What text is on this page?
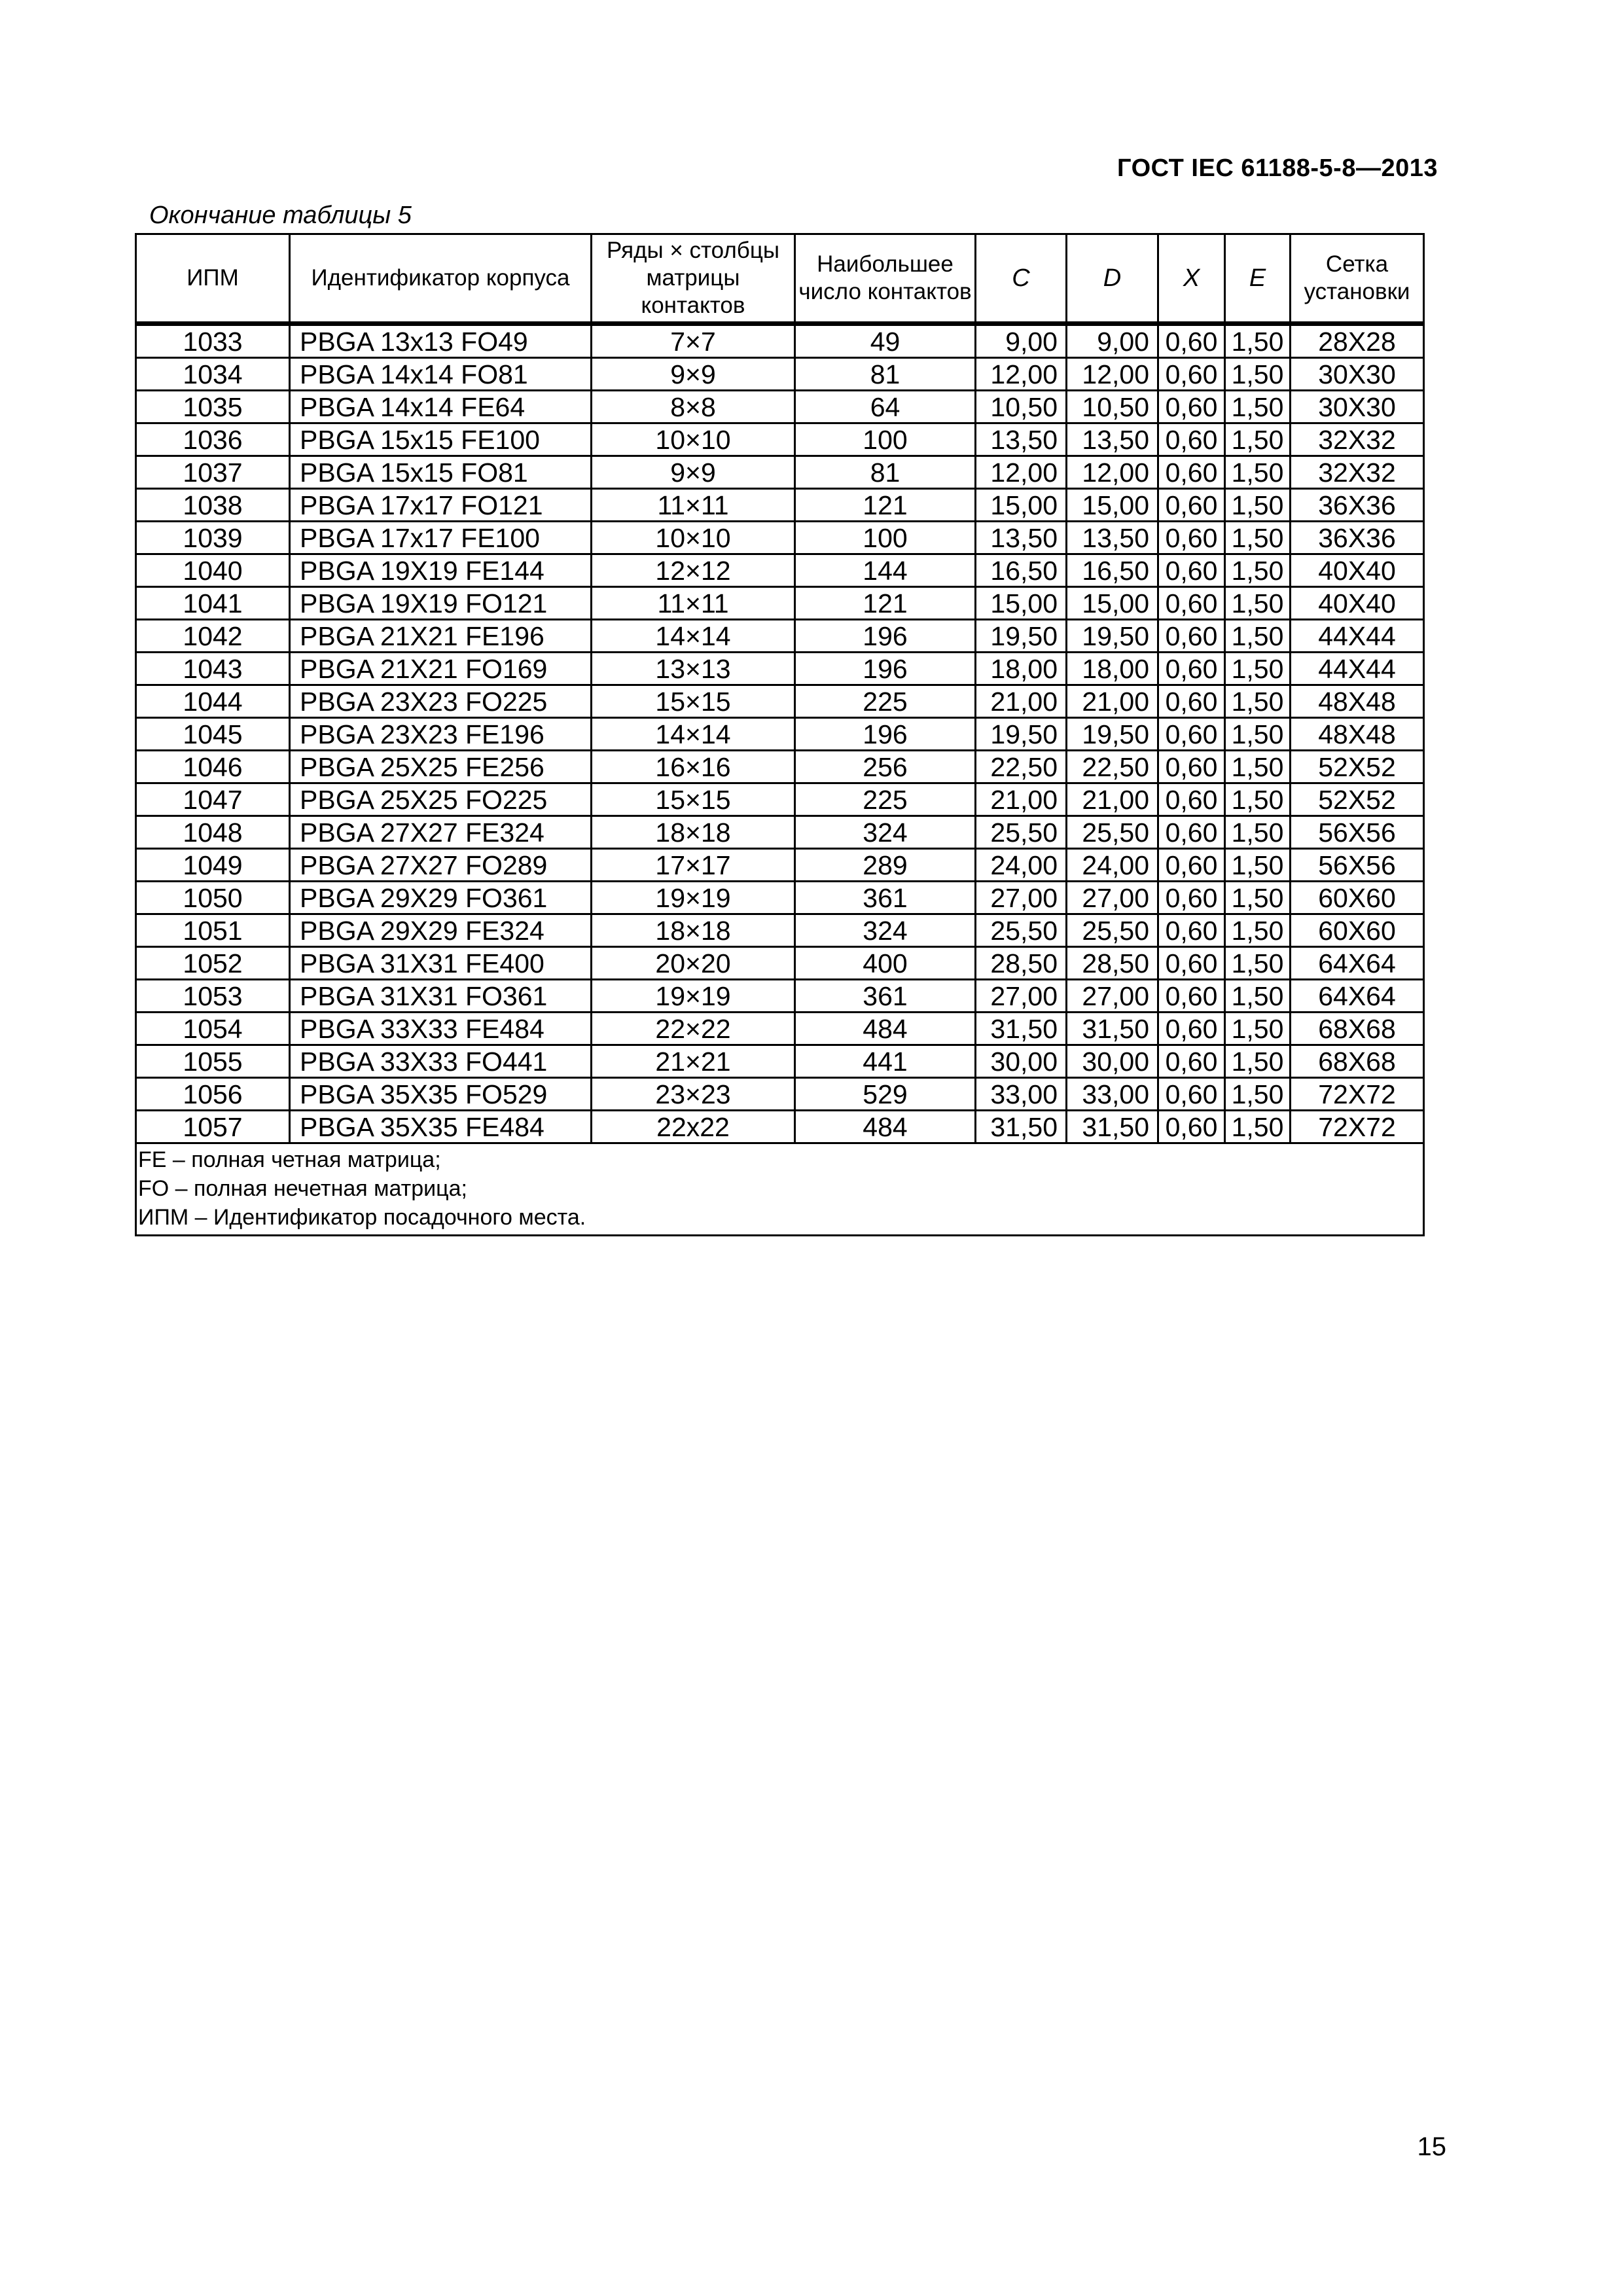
ГОСТ IEC 61188-5-8—2013
Окончание таблицы 5
ИПМ	Идентификатор корпуса	Ряды × столбцы матрицы контактов	Наибольшее число контактов	C	D	X	E	Сетка установки
1033	PBGA 13x13 FO49	7×7	49	9,00	9,00	0,60	1,50	28X28
1034	PBGA 14x14 FO81	9×9	81	12,00	12,00	0,60	1,50	30X30
1035	PBGA 14x14 FE64	8×8	64	10,50	10,50	0,60	1,50	30X30
1036	PBGA 15x15 FE100	10×10	100	13,50	13,50	0,60	1,50	32X32
1037	PBGA 15x15 FO81	9×9	81	12,00	12,00	0,60	1,50	32X32
1038	PBGA 17x17 FO121	11×11	121	15,00	15,00	0,60	1,50	36X36
1039	PBGA 17x17 FE100	10×10	100	13,50	13,50	0,60	1,50	36X36
1040	PBGA 19X19 FE144	12×12	144	16,50	16,50	0,60	1,50	40X40
1041	PBGA 19X19 FO121	11×11	121	15,00	15,00	0,60	1,50	40X40
1042	PBGA 21X21 FE196	14×14	196	19,50	19,50	0,60	1,50	44X44
1043	PBGA 21X21 FO169	13×13	196	18,00	18,00	0,60	1,50	44X44
1044	PBGA 23X23 FO225	15×15	225	21,00	21,00	0,60	1,50	48X48
1045	PBGA 23X23 FE196	14×14	196	19,50	19,50	0,60	1,50	48X48
1046	PBGA 25X25 FE256	16×16	256	22,50	22,50	0,60	1,50	52X52
1047	PBGA 25X25 FO225	15×15	225	21,00	21,00	0,60	1,50	52X52
1048	PBGA 27X27 FE324	18×18	324	25,50	25,50	0,60	1,50	56X56
1049	PBGA 27X27 FO289	17×17	289	24,00	24,00	0,60	1,50	56X56
1050	PBGA 29X29 FO361	19×19	361	27,00	27,00	0,60	1,50	60X60
1051	PBGA 29X29 FE324	18×18	324	25,50	25,50	0,60	1,50	60X60
1052	PBGA 31X31 FE400	20×20	400	28,50	28,50	0,60	1,50	64X64
1053	PBGA 31X31 FO361	19×19	361	27,00	27,00	0,60	1,50	64X64
1054	PBGA 33X33 FE484	22×22	484	31,50	31,50	0,60	1,50	68X68
1055	PBGA 33X33 FO441	21×21	441	30,00	30,00	0,60	1,50	68X68
1056	PBGA 35X35 FO529	23×23	529	33,00	33,00	0,60	1,50	72X72
1057	PBGA 35X35 FE484	22x22	484	31,50	31,50	0,60	1,50	72X72

FE – полная четная матрица;
FO – полная нечетная матрица;
ИПМ – Идентификатор посадочного места.								
15
